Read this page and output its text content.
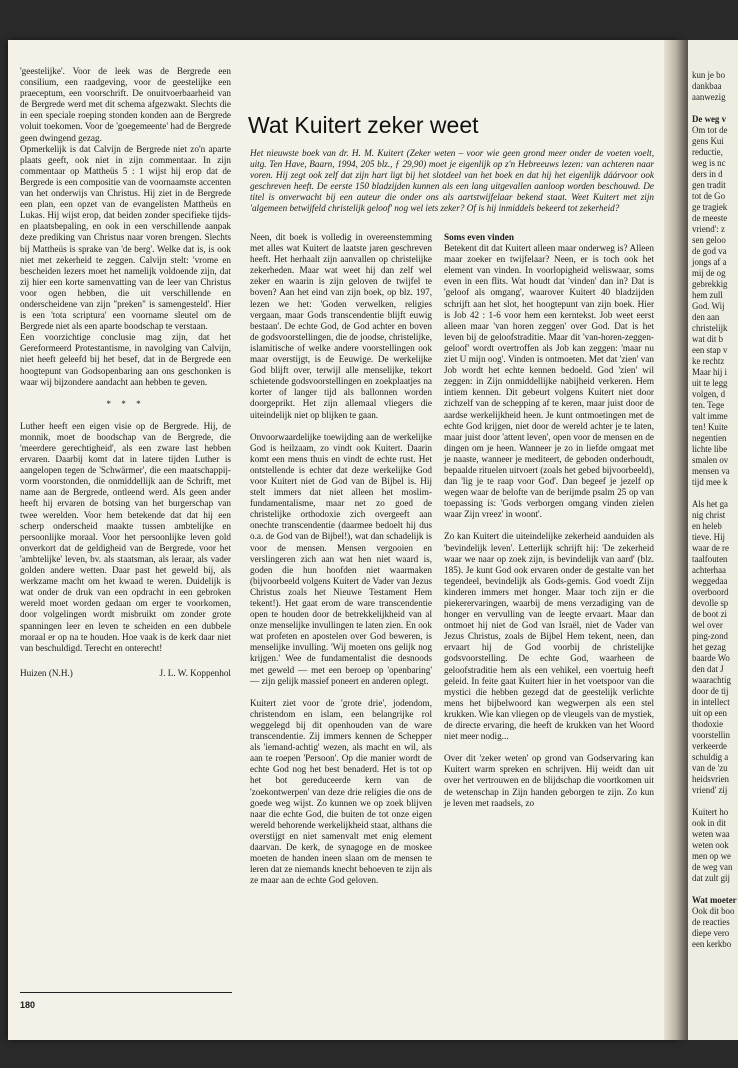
kun je bo

dankbaa

aanwezig

De weg v

Om tot de

gens Kui

reductie,

weg is nc

ders in d

gen tradit

tot de Go

ge tragiek

de meeste

vriend': z

sen geloo

de god va

jongs af a

mij de og

gebrekkig

hem zull

God. Wij

den aan

christelijk

wat dit b

een stap v

ke rechtz

Maar hij i

uit te legg

volgen, d

ten. Tege

valt imme

ten! Kuite

negentien

lichte libe

smalen ov

mensen va

tijd mee k

Als het ga

nig christ

en heleb

tieve. Hij

waar de re

taalfouten

achterhaa

weggedaa

overboord

devolle sp

de boot zi

wel over

ping-zond

het gezag

baarde Wo

den dat J

waarachtig

door de tij

in intellect

uit op een

thodoxie

voorstellin

verkeerde

schuldig a

van de 'zu

heidsvrien

vriend' zij

Kuitert ho

ook in dit

weten waa

weten ook

men op we

de weg van

dat zult gij

Wat moeter

Ook dit boo

de reacties

diepe vero

een kerkbo

'geestelijke'. Voor de leek was de Bergrede een consilium, een raadgeving, voor de geestelijke een praeceptum, een voorschrift. De onuitvoerbaarheid van de Bergrede werd met dit schema afgezwakt. Slechts die in een speciale roeping stonden konden aan de Bergrede voluit toekomen. Voor de 'goegemeente' had de Bergrede geen dwingend gezag.

Opmerkelijk is dat Calvijn de Bergrede niet zo'n aparte plaats geeft, ook niet in zijn commentaar. In zijn commentaar op Mattheüs 5 : 1 wijst hij erop dat de Bergrede is een compositie van de voornaamste accenten van het onderwijs van Christus. Hij ziet in de Bergrede een plan, een opzet van de evangelisten Mattheüs en Lukas. Hij wijst erop, dat beiden zonder specifieke tijds- en plaatsbepaling, en ook in een verschillende aanpak deze prediking van Christus naar voren brengen. Slechts bij Mattheüs is sprake van 'de berg'. Welke dat is, is ook niet met zekerheid te zeggen. Calvijn stelt: 'vrome en bescheiden lezers moet het namelijk voldoende zijn, dat zij hier een korte samenvatting van de leer van Christus voor ogen hebben, die uit verschillende en onderscheidene van zijn "preken" is samengesteld'. Hier is een 'tota scriptura' een voorname sleutel om de Bergrede niet als een aparte boodschap te verstaan.

Een voorzichtige conclusie mag zijn, dat het Gereformeerd Protestantisme, in navolging van Calvijn, niet heeft geleefd bij het besef, dat in de Bergrede een hoogtepunt van Godsopenbaring aan ons geschonken is waar wij bijzondere aandacht aan hebben te geven.

* * *

Luther heeft een eigen visie op de Bergrede. Hij, de monnik, moet de boodschap van de Bergrede, die 'meerdere gerechtigheid', als een zware last hebben ervaren. Daarbij komt dat in latere tijden Luther is aangelopen tegen de 'Schwärmer', die een maatschappij-vorm voorstonden, die onmiddellijk aan de Schrift, met name aan de Bergrede, ontleend werd. Als geen ander heeft hij ervaren de botsing van het burgerschap van twee werelden. Voor hem betekende dat dat hij een scherp onderscheid maakte tussen ambtelijke en persoonlijke moraal. Voor het persoonlijke leven gold onverkort dat de geldigheid van de Bergrede, voor het 'ambtelijke' leven, bv. als staatsman, als leraar, als vader golden andere wetten. Daar past het geweld bij, als werkzame macht om het kwaad te weren. Duidelijk is wat onder de druk van een opdracht in een gebroken wereld moet worden gedaan om erger te voorkomen, door volgelingen wordt misbruikt om zonder grote spanningen leer en leven te scheiden en een dubbele moraal er op na te houden. Hoe vaak is de kerk daar niet van beschuldigd. Terecht en onterecht!

Huizen (N.H.)	J. L. W. Koppenhol
180
Wat Kuitert zeker weet

Het nieuwste boek van dr. H. M. Kuitert (Zeker weten – voor wie geen grond meer onder de voeten voelt, uitg. Ten Have, Baarn, 1994, 205 blz., ƒ 29,90) moet je eigenlijk op z'n Hebreeuws lezen: van achteren naar voren. Hij zegt ook zelf dat zijn hart ligt bij het slotdeel van het boek en dat hij het eigenlijk dáárvoor ook geschreven heeft. De eerste 150 bladzijden kunnen als een lang uitgevallen aanloop worden beschouwd. De titel is onverwacht bij een auteur die onder ons als aartstwijfelaar bekend staat. Weet Kuitert met zijn 'algemeen betwijfeld christelijk geloof' nog wel iets zeker? Of is hij inmiddels bekeerd tot zekerheid?

Neen, dit boek is volledig in overeenstemming met alles wat Kuitert de laatste jaren geschreven heeft. Het herhaalt zijn aanvallen op christelijke zekerheden. Maar wat weet hij dan zelf wel zeker en waarin is zijn geloven de twijfel te boven? Aan het eind van zijn boek, op blz. 197, lezen we het: 'Goden verwelken, religies vergaan, maar Gods transcendentie blijft euwig bestaan'. De echte God, de God achter en boven de godsvoorstellingen, die de joodse, christelijke, islamitische of welke andere voorstellingen ook maar overstijgt, is de Eeuwige. De werkelijke God blijft over, terwijl alle menselijke, tekort schietende godsvoorstellingen en zoekplaatjes na korter of langer tijd als ballonnen worden doorgeprikt. Het zijn allemaal vliegers die uiteindelijk niet op blijken te gaan.

Onvoorwaardelijke toewijding aan de werkelijke God is heilzaam, zo vindt ook Kuitert. Daarin komt een mens thuis en vindt de echte rust. Het ontstellende is echter dat deze werkelijke God voor Kuitert niet de God van de Bijbel is. Hij stelt immers dat niet alleen het moslim-fundamentalisme, maar net zo goed de christelijke orthodoxie zich overgeeft aan onechte transcendentie (daarmee bedoelt hij dus o.a. de God van de Bijbel!), wat dan schadelijk is voor de mensen. Mensen vergooien en verslingeren zich aan wat hen niet waard is, goden die hun hoofden niet waarmaken (bijvoorbeeld volgens Kuitert de Vader van Jezus Christus zoals het Nieuwe Testament Hem tekent!). Het gaat erom de ware transcendentie open te houden door de betrekkelijkheid van al onze menselijke invullingen te laten zien. En ook wat profeten en apostelen over God beweren, is menselijke invulling. 'Wij moeten ons gelijk nog krijgen.' Wee de fundamentalist die desnoods met geweld — met een beroep op 'openbaring' — zijn gelijk massief poneert en anderen oplegt.

Kuitert ziet voor de 'grote drie', jodendom, christendom en islam, een belangrijke rol weggelegd bij dit openhouden van de ware transcendentie. Zij immers kennen de Schepper als 'iemand-achtig' wezen, als macht en wil, als aan te roepen 'Persoon'. Op die manier wordt de echte God nog het best benaderd. Het is tot op het bot gereduceerde kern van de 'zoekontwerpen' van deze drie religies die ons de goede weg wijst. Zo kunnen we op zoek blijven naar die echte God, die buiten de tot onze eigen wereld behorende werkelijkheid staat, althans die overstijgt en niet samenvalt met enig element daarvan. De kerk, de synagoge en de moskee moeten de handen ineen slaan om de mensen te leren dat ze niemands knecht behoeven te zijn als ze maar aan de echte God geloven.

Soms even vinden

Betekent dit dat Kuitert alleen maar onderweg is? Alleen maar zoeker en twijfelaar? Neen, er is toch ook het element van vinden. In voorlopigheid weliswaar, soms even in een flits. Wat houdt dat 'vinden' dan in? Dat is 'geloof als omgang', waarover Kuitert 40 bladzijden schrijft aan het slot, het hoogtepunt van zijn boek. Hier is Job 42 : 1-6 voor hem een kerntekst. Job weet eerst alleen maar 'van horen zeggen' over God. Dat is het leven bij de geloofstraditie. Maar dit 'van-horen-zeggen-geloof' wordt overtroffen als Job kan zeggen: 'maar nu ziet U mijn oog'. Vinden is ontmoeten. Met dat 'zien' van Job wordt het echte kennen bedoeld. God 'zien' wil zeggen: in Zijn onmiddellijke nabijheid verkeren. Hem intiem kennen. Dit gebeurt volgens Kuitert niet door zichzelf van de schepping af te keren, maar juist door de aardse werkelijkheid heen. Je kunt ontmoetingen met de echte God krijgen, niet door de wereld achter je te laten, maar juist door 'attent leven', open voor de mensen en de dingen om je heen. Wanneer je zo in liefde omgaat met je naaste, wanneer je mediteert, de geboden onderhoudt, bepaalde rituelen uitvoert (zoals het gebed bijvoorbeeld), dan 'lig je te raap voor God'. Dan begeef je jezelf op wegen waar de belofte van de berijmde psalm 25 op van toepassing is: 'Gods verborgen omgang vinden zielen waar Zijn vreez' in woont'.

Zo kan Kuitert die uiteindelijke zekerheid aanduiden als 'bevindelijk leven'. Letterlijk schrijft hij: 'De zekerheid waar we naar op zoek zijn, is bevindelijk van aard' (blz. 185). Je kunt God ook ervaren onder de gestalte van het tegendeel, bevindelijk als Gods-gemis. God voedt Zijn kinderen immers met honger. Maar toch zijn er die piekerervaringen, waarbij de mens verzadiging van de honger en vervulling van de leegte ervaart. Maar dan ontmoet hij niet de God van Israël, niet de Vader van Jezus Christus, zoals de Bijbel Hem tekent, neen, dan ervaart hij de God voorbij de christelijke godsvoorstelling. De echte God, waarheen de geloofstraditie hem als een vehikel, een voertuig heeft geleid. In feite gaat Kuitert hier in het voetspoor van die mystici die hebben gezegd dat de geestelijk verlichte mens het bijbelwoord kan wegwerpen als een stel krukken. Wie kan vliegen op de vleugels van de mystiek, de directe ervaring, die heeft de krukken van het Woord niet meer nodig...

Over dit 'zeker weten' op grond van Godservaring kan Kuitert warm spreken en schrijven. Hij weidt dan uit over het vertrouwen en de blijdschap die voortkomen uit de wetenschap in Zijn handen geborgen te zijn. Zo kun je leven met raadsels, zo
